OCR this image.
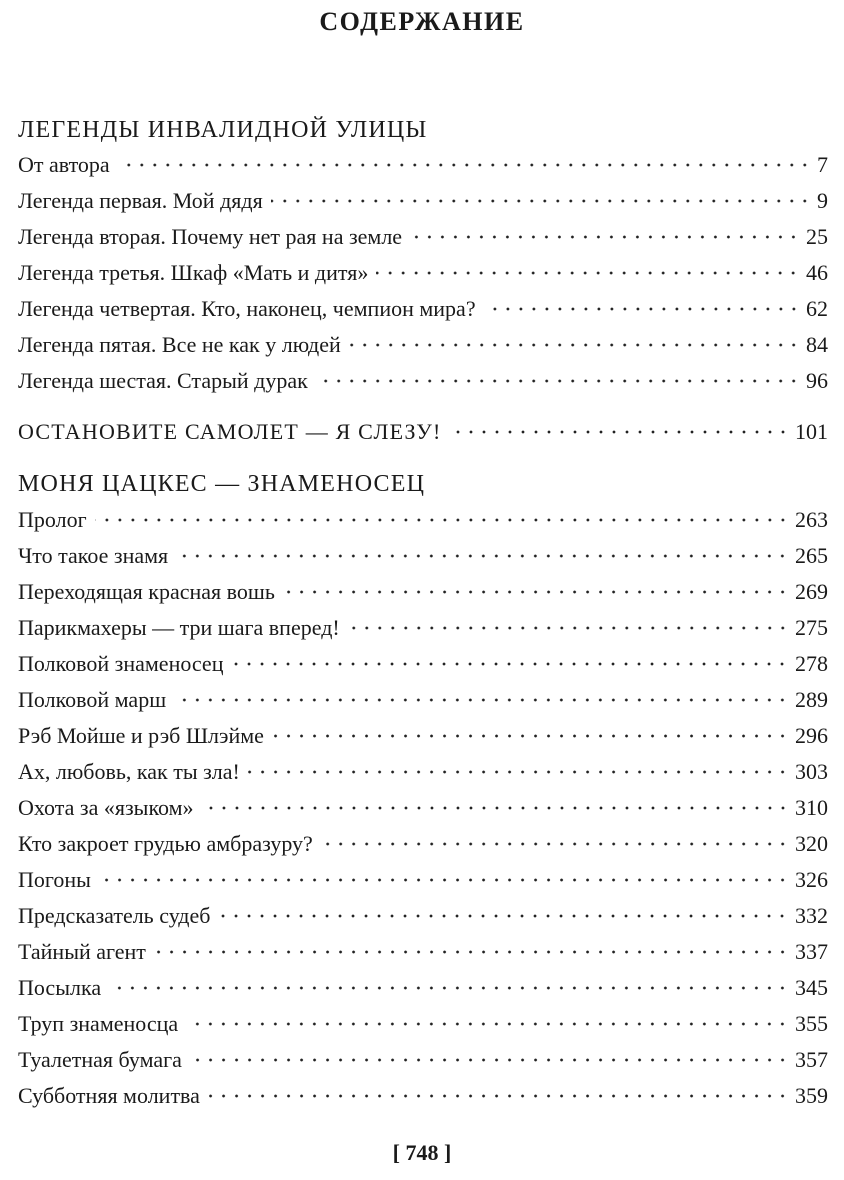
СОДЕРЖАНИЕ
ЛЕГЕНДЫ ИНВАЛИДНОЙ УЛИЦЫ
От автора	7
Легенда первая. Мой дядя	9
Легенда вторая. Почему нет рая на земле	25
Легенда третья. Шкаф «Мать и дитя»	46
Легенда четвертая. Кто, наконец, чемпион мира?	62
Легенда пятая. Все не как у людей	84
Легенда шестая. Старый дурак	96
ОСТАНОВИТЕ САМОЛЕТ — Я СЛЕЗУ!	101
МОНЯ ЦАЦКЕС — ЗНАМЕНОСЕЦ
Пролог	263
Что такое знамя	265
Переходящая красная вошь	269
Парикмахеры — три шага вперед!	275
Полковой знаменосец	278
Полковой марш	289
Рэб Мойше и рэб Шлэйме	296
Ах, любовь, как ты зла!	303
Охота за «языком»	310
Кто закроет грудью амбразуру?	320
Погоны	326
Предсказатель судеб	332
Тайный агент	337
Посылка	345
Труп знаменосца	355
Туалетная бумага	357
Субботняя молитва	359
[ 748 ]
